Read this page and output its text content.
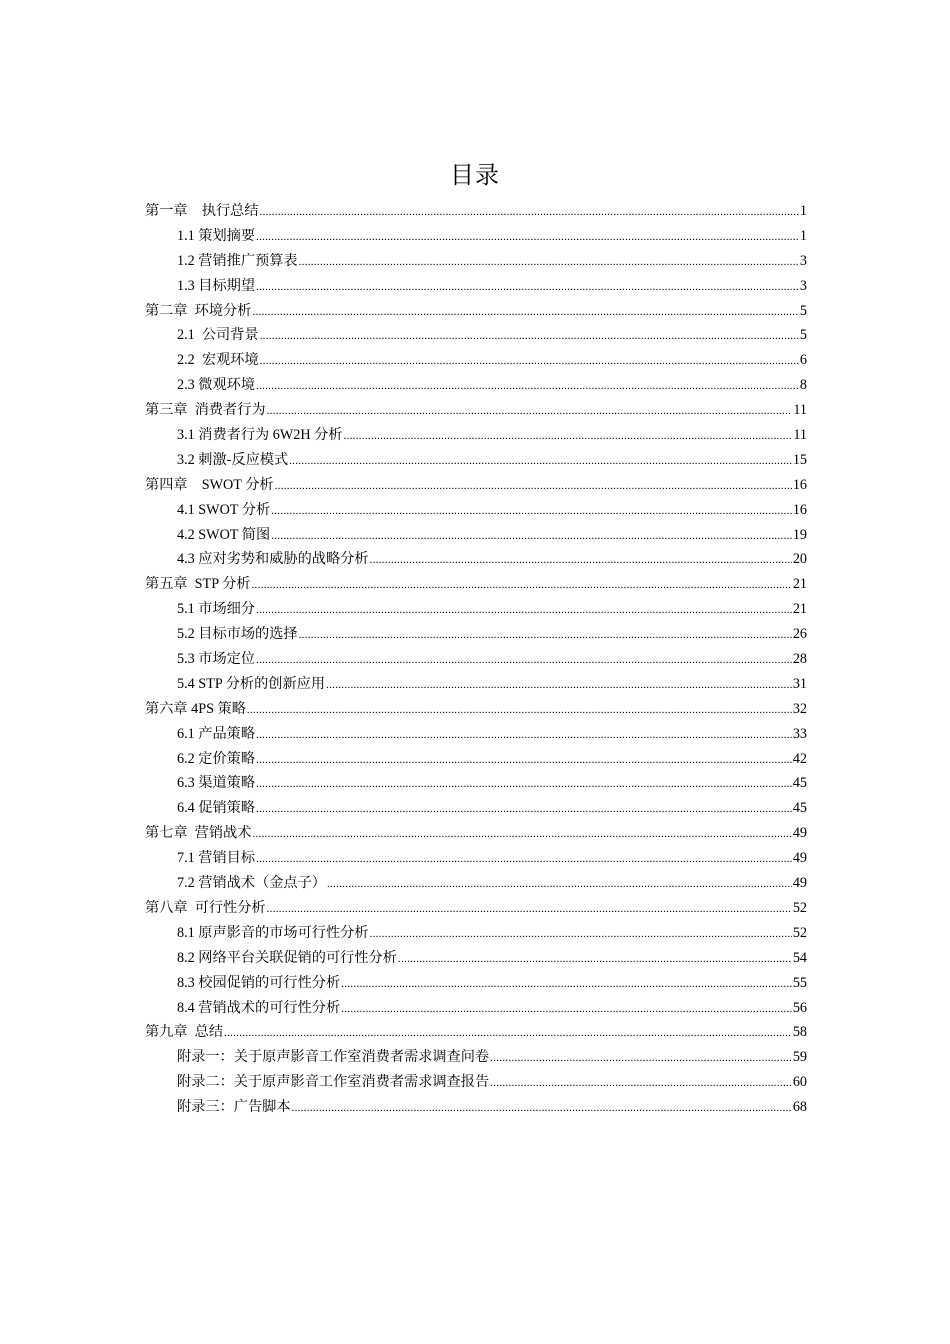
目录
第一章    执行总结 .....	1
1.1 策划摘要 .....	1
1.2 营销推广预算表 .....	3
1.3 目标期望 .....	3
第二章  环境分析 .....	5
2.1  公司背景 .....	5
2.2  宏观环境 .....	6
2.3 微观环境 .....	8
第三章  消费者行为 .....	11
3.1 消费者行为 6W2H 分析 .....	11
3.2 刺激-反应模式 .....	15
第四章    SWOT 分析 .....	16
4.1 SWOT 分析 .....	16
4.2 SWOT 简图 .....	19
4.3 应对劣势和威胁的战略分析 .....	20
第五章  STP 分析 .....	21
5.1 市场细分 .....	21
5.2 目标市场的选择 .....	26
5.3 市场定位 .....	28
5.4 STP 分析的创新应用 .....	31
第六章 4PS 策略 .....	32
6.1 产品策略 .....	33
6.2 定价策略 .....	42
6.3 渠道策略 .....	45
6.4 促销策略 .....	45
第七章  营销战术 .....	49
7.1 营销目标 .....	49
7.2 营销战术（金点子） .....	49
第八章  可行性分析 .....	52
8.1 原声影音的市场可行性分析 .....	52
8.2 网络平台关联促销的可行性分析 .....	54
8.3 校园促销的可行性分析 .....	55
8.4 营销战术的可行性分析 .....	56
第九章  总结 .....	58
附录一：关于原声影音工作室消费者需求调查问卷 .....	59
附录二：关于原声影音工作室消费者需求调查报告 .....	60
附录三：广告脚本 .....	68
